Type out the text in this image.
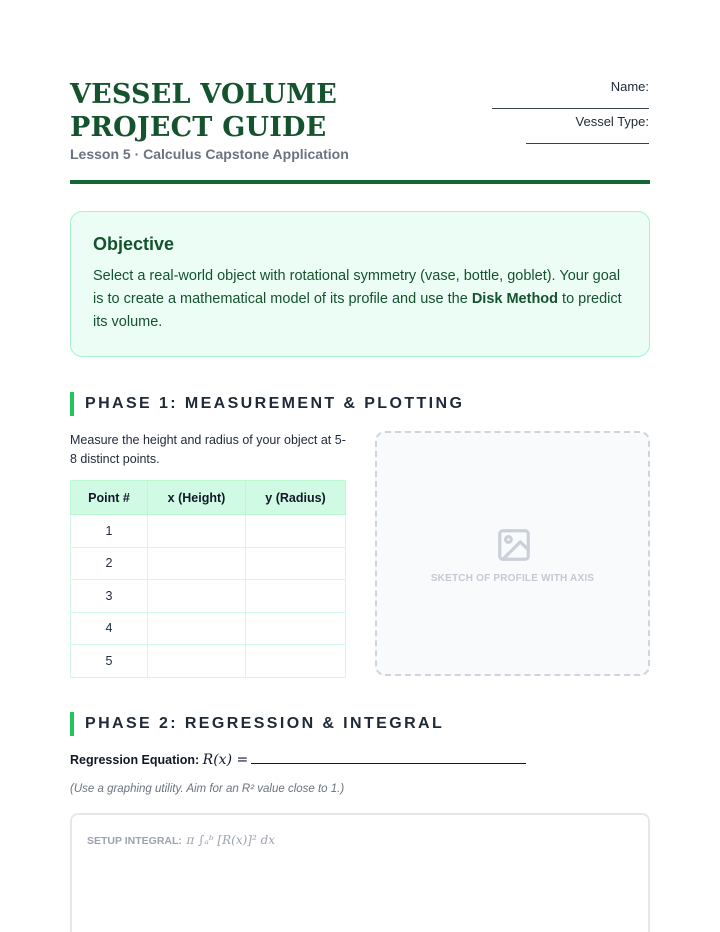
VESSEL VOLUME PROJECT GUIDE
Lesson 5 · Calculus Capstone Application
Name:
Vessel Type:
Objective

Select a real-world object with rotational symmetry (vase, bottle, goblet). Your goal is to create a mathematical model of its profile and use the Disk Method to predict its volume.

PHASE 1: MEASUREMENT & PLOTTING
Measure the height and radius of your object at 5-8 distinct points.
Point #	x (Height)	y (Radius)
1		
2		
3		
4		
5		
SKETCH OF PROFILE WITH AXIS
PHASE 2: REGRESSION & INTEGRAL
Regression Equation: R(x) =
(Use a graphing utility. Aim for an R² value close to 1.)
SETUP INTEGRAL: π ∫ₐᵇ [R(x)]² dx
